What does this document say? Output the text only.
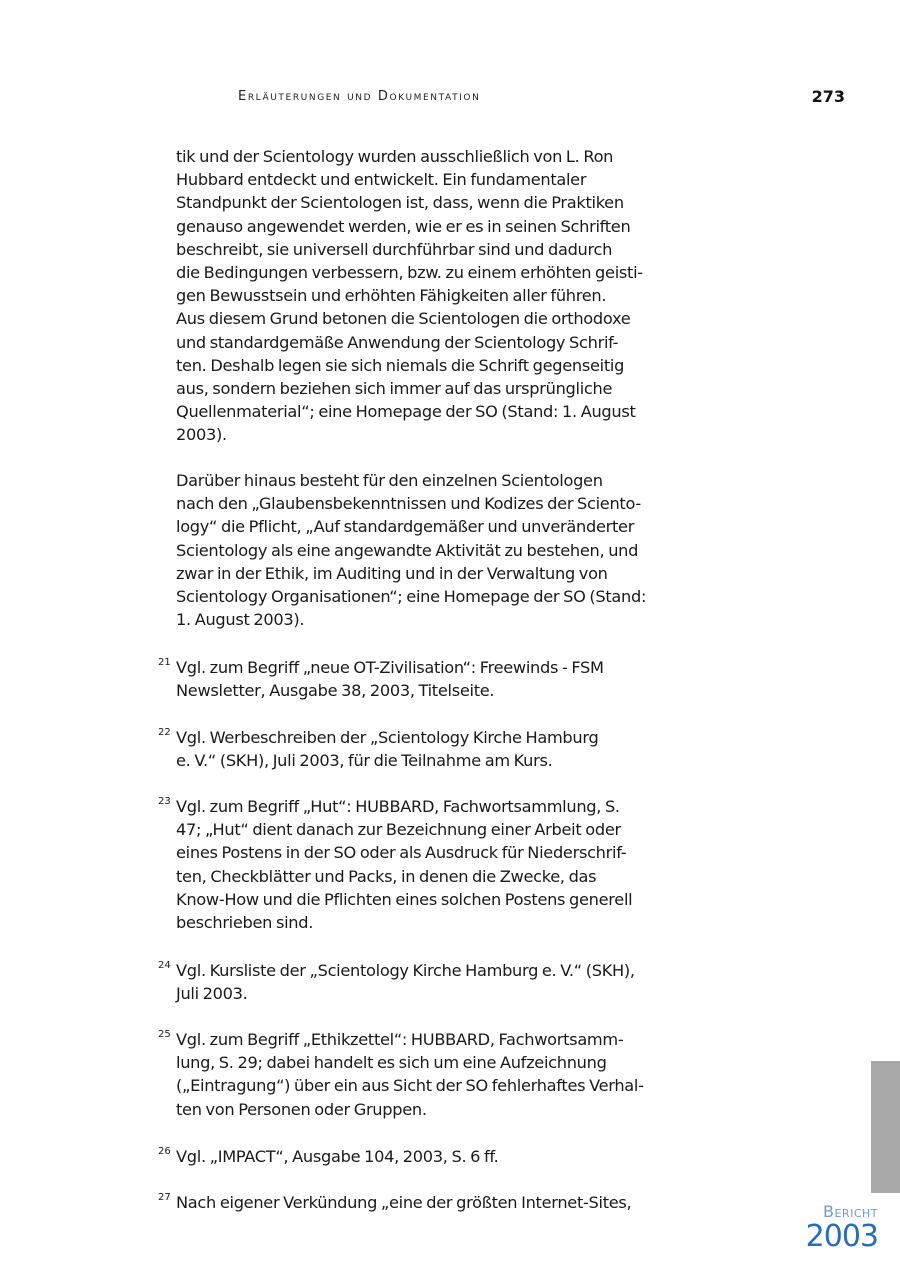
Erläuterungen und Dokumentation	273
tik und der Scientology wurden ausschließlich von L. Ron
Hubbard entdeckt und entwickelt. Ein fundamentaler
Standpunkt der Scientologen ist, dass, wenn die Praktiken
genauso angewendet werden, wie er es in seinen Schriften
beschreibt, sie universell durchführbar sind und dadurch
die Bedingungen verbessern, bzw. zu einem erhöhten geisti-
gen Bewusstsein und erhöhten Fähigkeiten aller führen.
Aus diesem Grund betonen die Scientologen die orthodoxe
und standardgemäße Anwendung der Scientology Schrif-
ten. Deshalb legen sie sich niemals die Schrift gegenseitig
aus, sondern beziehen sich immer auf das ursprüngliche
Quellenmaterial“; eine Homepage der SO (Stand: 1. August
2003).
Darüber hinaus besteht für den einzelnen Scientologen
nach den „Glaubensbekenntnissen und Kodizes der Sciento-
logy“ die Pflicht, „Auf standardgemäßer und unveränderter
Scientology als eine angewandte Aktivität zu bestehen, und
zwar in der Ethik, im Auditing und in der Verwaltung von
Scientology Organisationen“; eine Homepage der SO (Stand:
1. August 2003).
21 Vgl. zum Begriff „neue OT-Zivilisation“: Freewinds - FSM
Newsletter, Ausgabe 38, 2003, Titelseite.
22 Vgl. Werbeschreiben der „Scientology Kirche Hamburg
e. V.“ (SKH), Juli 2003, für die Teilnahme am Kurs.
23 Vgl. zum Begriff „Hut“: HUBBARD, Fachwortsammlung, S.
47; „Hut“ dient danach zur Bezeichnung einer Arbeit oder
eines Postens in der SO oder als Ausdruck für Niederschrif-
ten, Checkblätter und Packs, in denen die Zwecke, das
Know-How und die Pflichten eines solchen Postens generell
beschrieben sind.
24 Vgl. Kursliste der „Scientology Kirche Hamburg e. V.“ (SKH),
Juli 2003.
25 Vgl. zum Begriff „Ethikzettel“: HUBBARD, Fachwortsamm-
lung, S. 29; dabei handelt es sich um eine Aufzeichnung
(„Eintragung“) über ein aus Sicht der SO fehlerhaftes Verhal-
ten von Personen oder Gruppen.
26 Vgl. „IMPACT“, Ausgabe 104, 2003, S. 6 ff.
27 Nach eigener Verkündung „eine der größten Internet-Sites,	Bericht
2003
